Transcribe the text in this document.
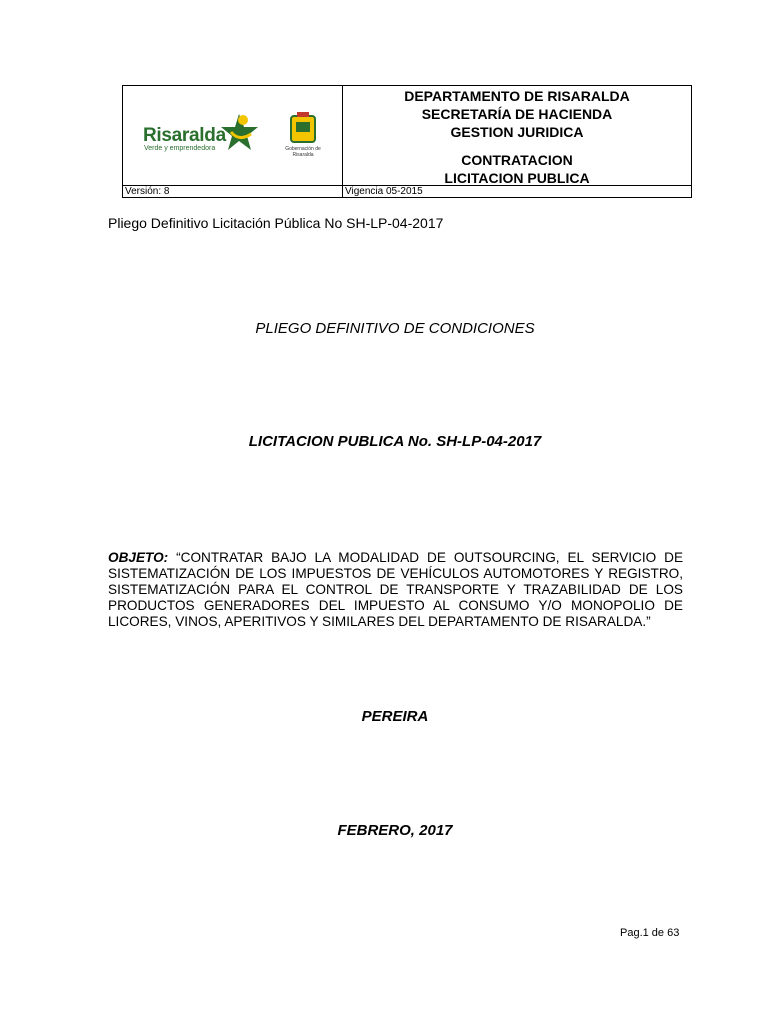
Risaralda
Verde y emprendedora	Gobernación de Risaralda
DEPARTAMENTO DE RISARALDA
SECRETARÍA DE HACIENDA
GESTION JURIDICA
CONTRATACION
LICITACION PUBLICA
Versión: 8	Vigencia 05-2015
Pliego Definitivo Licitación Pública No SH-LP-04-2017
PLIEGO DEFINITIVO DE CONDICIONES
LICITACION PUBLICA No. SH-LP-04-2017
OBJETO: “CONTRATAR BAJO LA MODALIDAD DE OUTSOURCING, EL SERVICIO DE SISTEMATIZACIÓN DE LOS IMPUESTOS DE VEHÍCULOS AUTOMOTORES Y REGISTRO, SISTEMATIZACIÓN PARA EL CONTROL DE TRANSPORTE Y TRAZABILIDAD DE LOS PRODUCTOS GENERADORES DEL IMPUESTO AL CONSUMO Y/O MONOPOLIO DE LICORES, VINOS, APERITIVOS Y SIMILARES DEL DEPARTAMENTO DE RISARALDA.”
PEREIRA
FEBRERO, 2017
Pag.1 de 63
